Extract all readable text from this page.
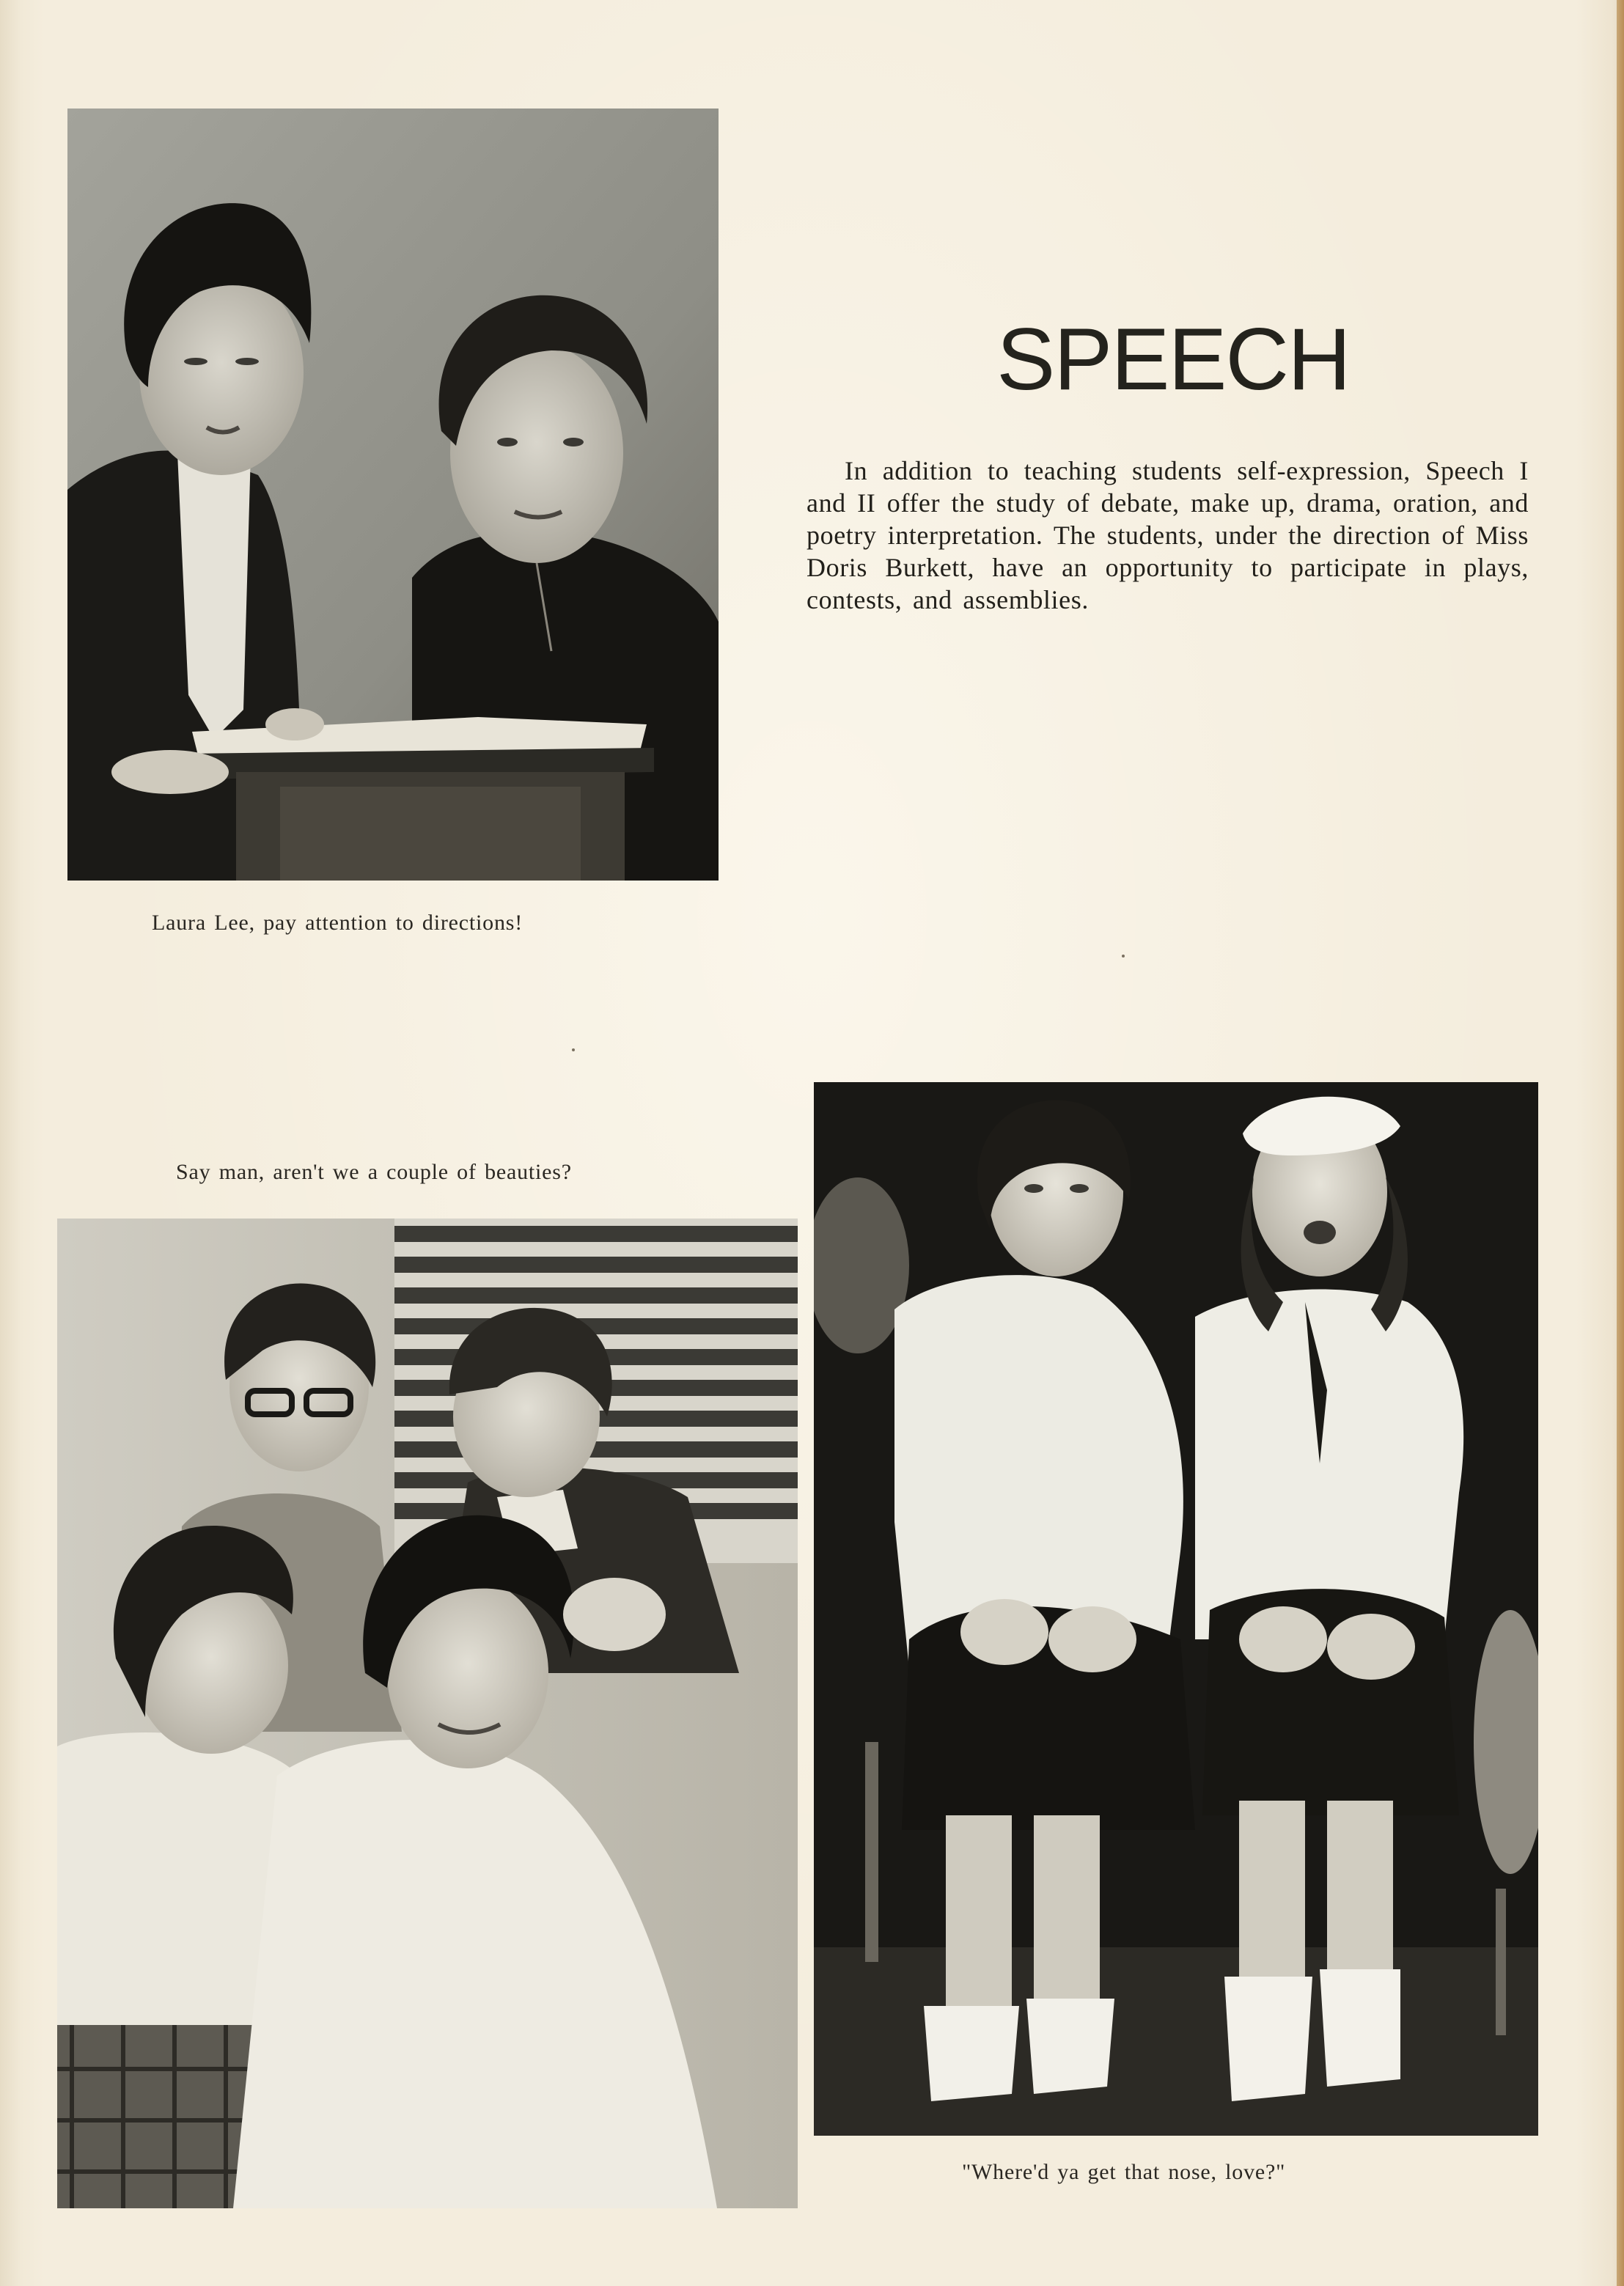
Laura Lee, pay attention to directions!
SPEECH
In addition to teaching students self-expression, Speech I and II offer the study of debate, make up, drama, oration, and poetry interpretation. The students, under the direction of Miss Doris Burkett, have an opportunity to participate in plays, contests, and assemblies.
Say man, aren't we a couple of beauties?
"Where'd ya get that nose, love?"
